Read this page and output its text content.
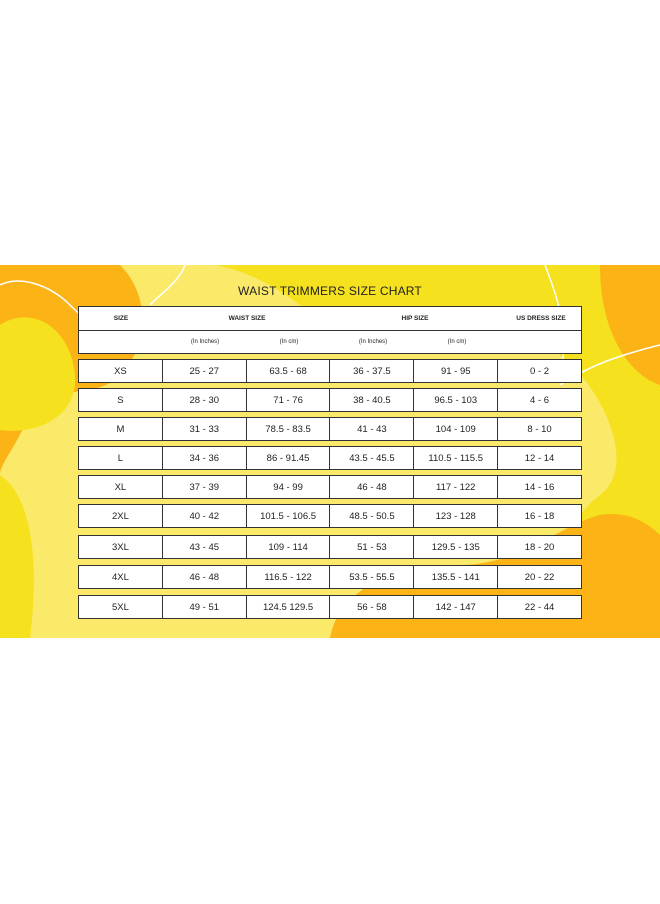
WAIST TRIMMERS SIZE CHART
SIZE	WAIST SIZE	HIP SIZE	US DRESS SIZE
(In Inches)	(In cm)	(In Inches)	(In cm)
XS	25 - 27	63.5 - 68	36 - 37.5	91 - 95	0 - 2
S	28 - 30	71 - 76	38 - 40.5	96.5 - 103	4 - 6
M	31 - 33	78.5 - 83.5	41 - 43	104 - 109	8 - 10
L	34 - 36	86 - 91.45	43.5 - 45.5	110.5 - 115.5	12 - 14
XL	37 - 39	94 - 99	46 - 48	117 - 122	14 - 16
2XL	40 - 42	101.5 - 106.5	48.5 - 50.5	123 - 128	16 - 18
3XL	43 - 45	109 - 114	51 - 53	129.5 - 135	18 - 20
4XL	46 - 48	116.5 - 122	53.5 - 55.5	135.5 - 141	20 - 22
5XL	49 - 51	124.5 129.5	56 - 58	142 - 147	22 - 44
